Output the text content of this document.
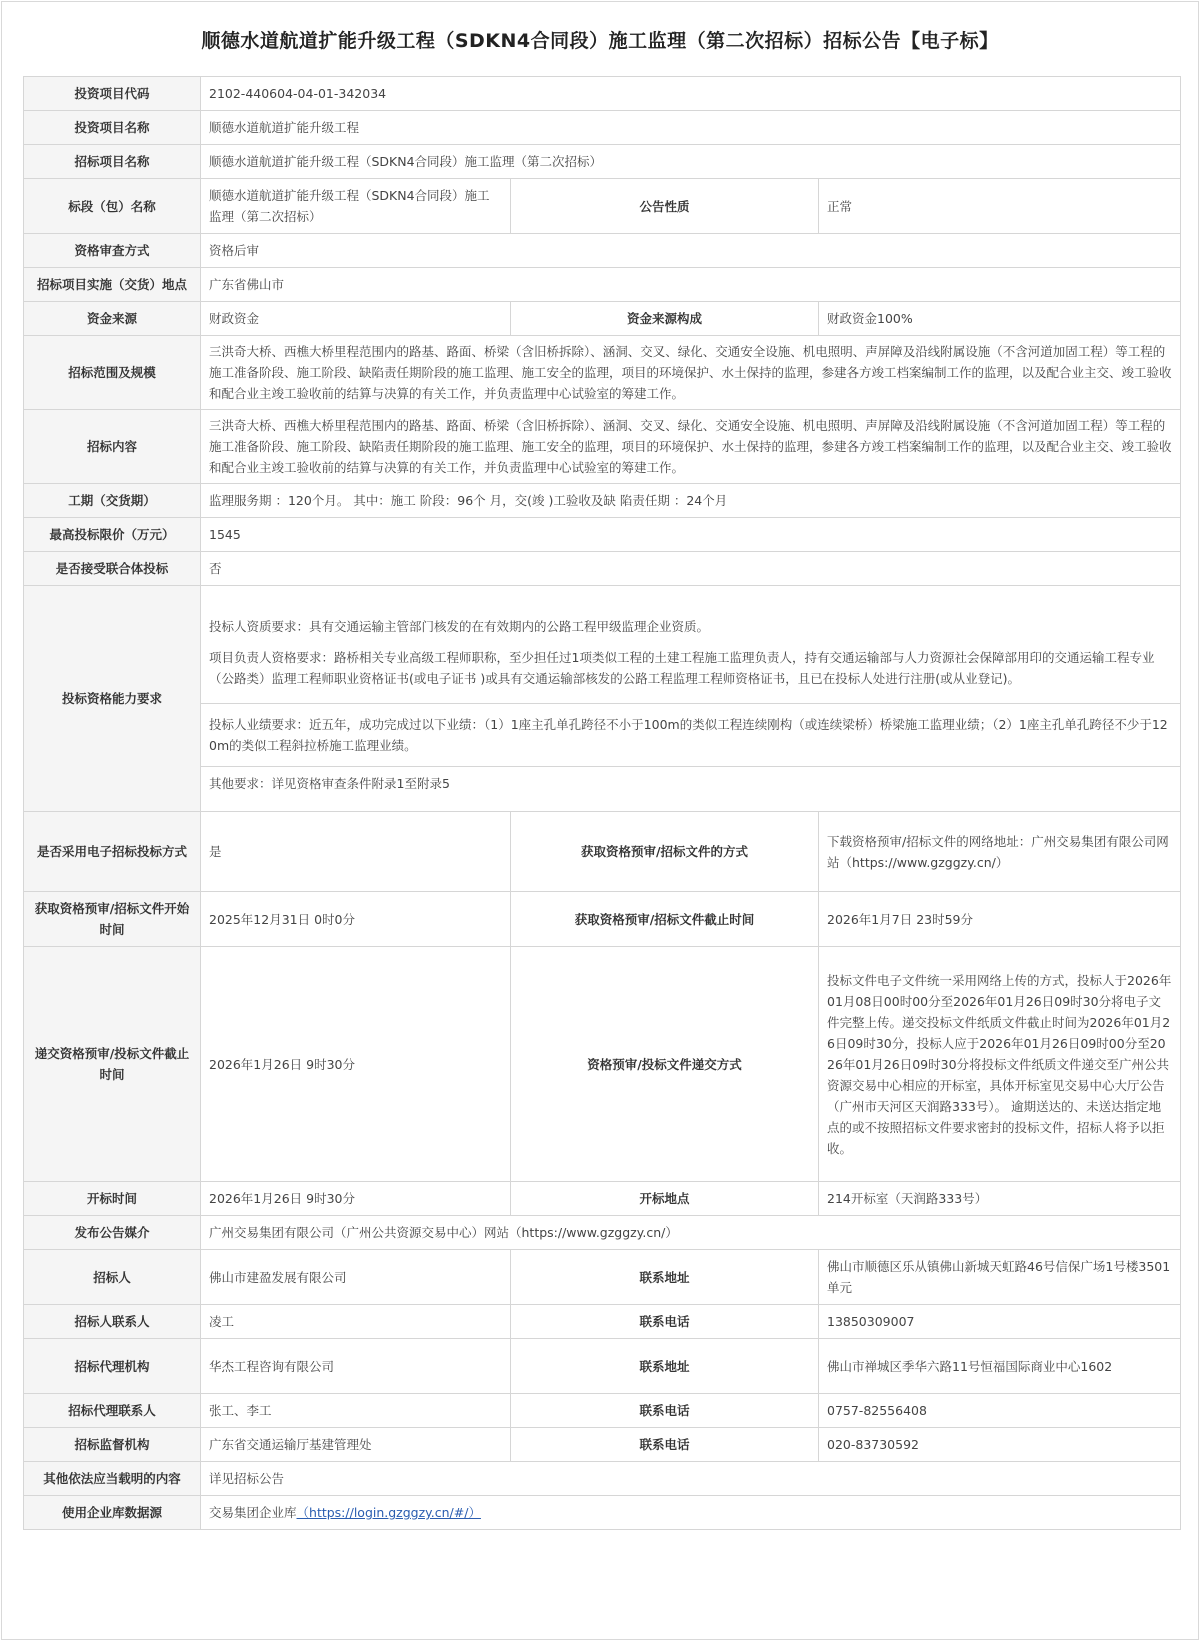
顺德水道航道扩能升级工程（SDKN4合同段）施工监理（第二次招标）招标公告【电子标】
投资项目代码	2102-440604-04-01-342034		
投资项目名称	顺德水道航道扩能升级工程		
招标项目名称	顺德水道航道扩能升级工程（SDKN4合同段）施工监理（第二次招标）		
标段（包）名称	顺德水道航道扩能升级工程（SDKN4合同段）施工监理（第二次招标）	公告性质	正常
资格审查方式	资格后审		
招标项目实施（交货）地点	广东省佛山市		
资金来源	财政资金	资金来源构成	财政资金100%
招标范围及规模	三洪奇大桥、西樵大桥里程范围内的路基、路面、桥梁（含旧桥拆除）、涵洞、交叉、绿化、交通安全设施、机电照明、声屏障及沿线附属设施（不含河道加固工程）等工程的施工准备阶段、施工阶段、缺陷责任期阶段的施工监理、施工安全的监理，项目的环境保护、水土保持的监理，参建各方竣工档案编制工作的监理，以及配合业主交、竣工验收和配合业主竣工验收前的结算与决算的有关工作，并负责监理中心试验室的筹建工作。		
招标内容	三洪奇大桥、西樵大桥里程范围内的路基、路面、桥梁（含旧桥拆除）、涵洞、交叉、绿化、交通安全设施、机电照明、声屏障及沿线附属设施（不含河道加固工程）等工程的施工准备阶段、施工阶段、缺陷责任期阶段的施工监理、施工安全的监理，项目的环境保护、水土保持的监理，参建各方竣工档案编制工作的监理，以及配合业主交、竣工验收和配合业主竣工验收前的结算与决算的有关工作，并负责监理中心试验室的筹建工作。		
工期（交货期）	监理服务期 ：120个月。 其中：施工 阶段：96个 月，交(竣 )工验收及缺 陷责任期 ：24个月		
最高投标限价（万元）	1545		
是否接受联合体投标	否		
投标资格能力要求	投标人资质要求：具有交通运输主管部门核发的在有效期内的公路工程甲级监理企业资质。
项目负责人资格要求：路桥相关专业高级工程师职称，至少担任过1项类似工程的土建工程施工监理负责人，持有交通运输部与人力资源社会保障部用印的交通运输工程专业 （公路类）监理工程师职业资格证书(或电子证书 )或具有交通运输部核发的公路工程监理工程师资格证书，且已在投标人处进行注册(或从业登记)。
投标人业绩要求：近五年，成功完成过以下业绩：（1）1座主孔单孔跨径不小于100m的类似工程连续刚构（或连续梁桥）桥梁施工监理业绩；（2）1座主孔单孔跨径不少于120m的类似工程斜拉桥施工监理业绩。
其他要求：详见资格审查条件附录1至附录5		

是否采用电子招标投标方式	是	获取资格预审/招标文件的方式	下载资格预审/招标文件的网络地址：广州交易集团有限公司网站（https://www.gzggzy.cn/）
获取资格预审/招标文件开始时间	2025年12月31日 0时0分	获取资格预审/招标文件截止时间	2026年1月7日 23时59分
递交资格预审/投标文件截止时间	2026年1月26日 9时30分	资格预审/投标文件递交方式	投标文件电子文件统一采用网络上传的方式，投标人于2026年01月08日00时00分至2026年01月26日09时30分将电子文件完整上传。递交投标文件纸质文件截止时间为2026年01月26日09时30分，投标人应于2026年01月26日09时00分至2026年01月26日09时30分将投标文件纸质文件递交至广州公共资源交易中心相应的开标室，具体开标室见交易中心大厅公告（广州市天河区天润路333号）。 逾期送达的、未送达指定地点的或不按照招标文件要求密封的投标文件，招标人将予以拒收。
开标时间	2026年1月26日 9时30分	开标地点	214开标室（天润路333号）
发布公告媒介	广州交易集团有限公司（广州公共资源交易中心）网站（https://www.gzggzy.cn/）		
招标人	佛山市建盈发展有限公司	联系地址	佛山市顺德区乐从镇佛山新城天虹路46号信保广场1号楼3501单元
招标人联系人	凌工	联系电话	13850309007
招标代理机构	华杰工程咨询有限公司	联系地址	佛山市禅城区季华六路11号恒福国际商业中心1602
招标代理联系人	张工、李工	联系电话	0757-82556408
招标监督机构	广东省交通运输厅基建管理处	联系电话	020-83730592
其他依法应当载明的内容	详见招标公告		
使用企业库数据源	交易集团企业库（https://login.gzggzy.cn/#/）		
